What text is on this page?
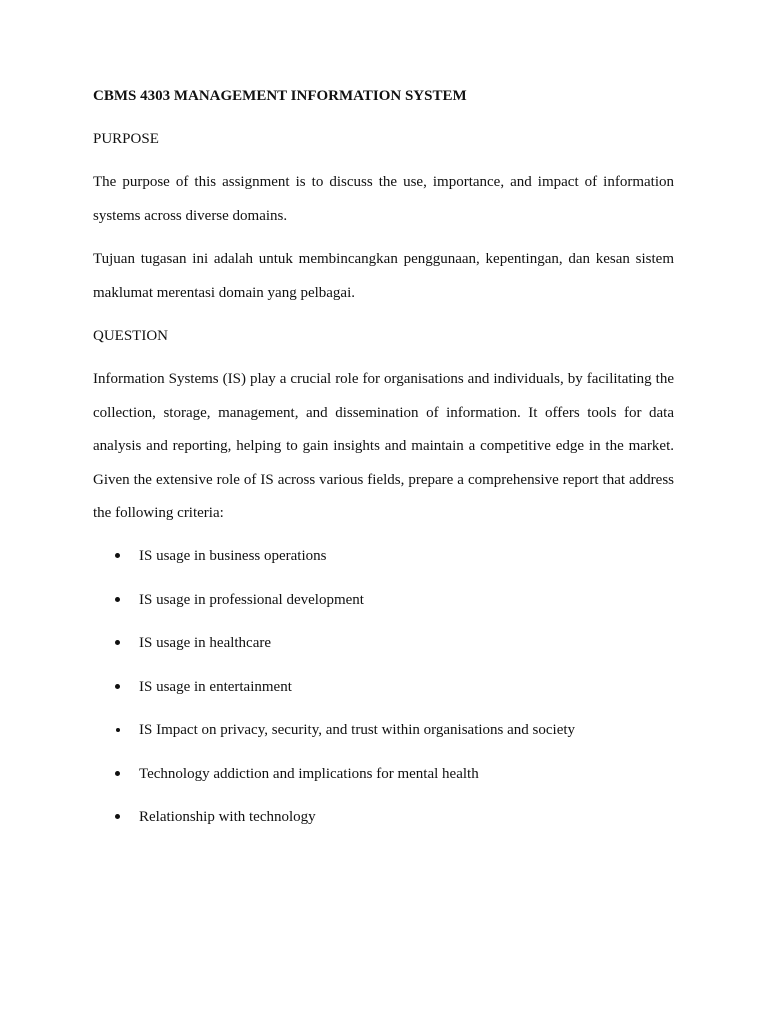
CBMS 4303 MANAGEMENT INFORMATION SYSTEM

PURPOSE

The purpose of this assignment is to discuss the use, importance, and impact of information systems across diverse domains.

Tujuan tugasan ini adalah untuk membincangkan penggunaan, kepentingan, dan kesan sistem maklumat merentasi domain yang pelbagai.

QUESTION

Information Systems (IS) play a crucial role for organisations and individuals, by facilitating the collection, storage, management, and dissemination of information. It offers tools for data analysis and reporting, helping to gain insights and maintain a competitive edge in the market. Given the extensive role of IS across various fields, prepare a comprehensive report that address the following criteria:

IS usage in business operations
IS usage in professional development
IS usage in healthcare
IS usage in entertainment
IS Impact on privacy, security, and trust within organisations and society
Technology addiction and implications for mental health
Relationship with technology
